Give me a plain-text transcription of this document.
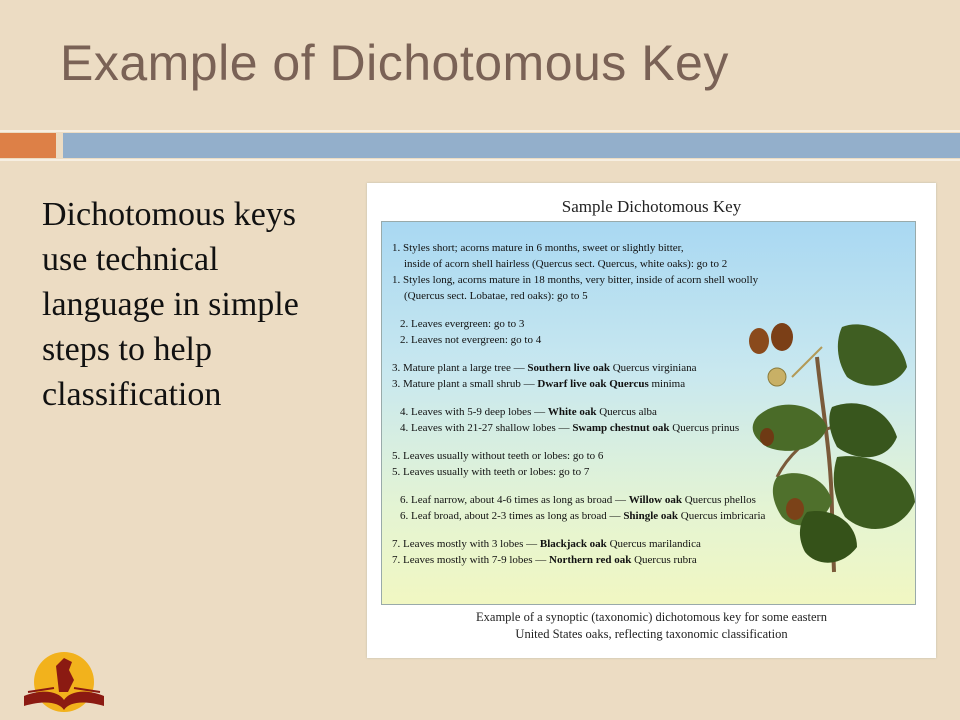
Example of Dichotomous Key
Dichotomous keys
use technical
language in simple
steps to help
classification
Sample Dichotomous Key
1. Styles short; acorns mature in 6 months, sweet or slightly bitter,
inside of acorn shell hairless (Quercus sect. Quercus, white oaks): go to 2
1. Styles long, acorns mature in 18 months, very bitter, inside of acorn shell woolly
(Quercus sect. Lobatae, red oaks): go to 5
2. Leaves evergreen: go to 3
2. Leaves not evergreen: go to 4
3. Mature plant a large tree — Southern live oak Quercus virginiana
3. Mature plant a small shrub — Dwarf live oak Quercus minima
4. Leaves with 5-9 deep lobes — White oak Quercus alba
4. Leaves with 21-27 shallow lobes — Swamp chestnut oak Quercus prinus
5. Leaves usually without teeth or lobes: go to 6
5. Leaves usually with teeth or lobes: go to 7
6. Leaf narrow, about 4-6 times as long as broad — Willow oak Quercus phellos
6. Leaf broad, about 2-3 times as long as broad — Shingle oak Quercus imbricaria
7. Leaves mostly with 3 lobes — Blackjack oak Quercus marilandica
7. Leaves mostly with 7-9 lobes — Northern red oak Quercus rubra
Example of a synoptic (taxonomic) dichotomous key for some eastern
United States oaks, reflecting taxonomic classification
